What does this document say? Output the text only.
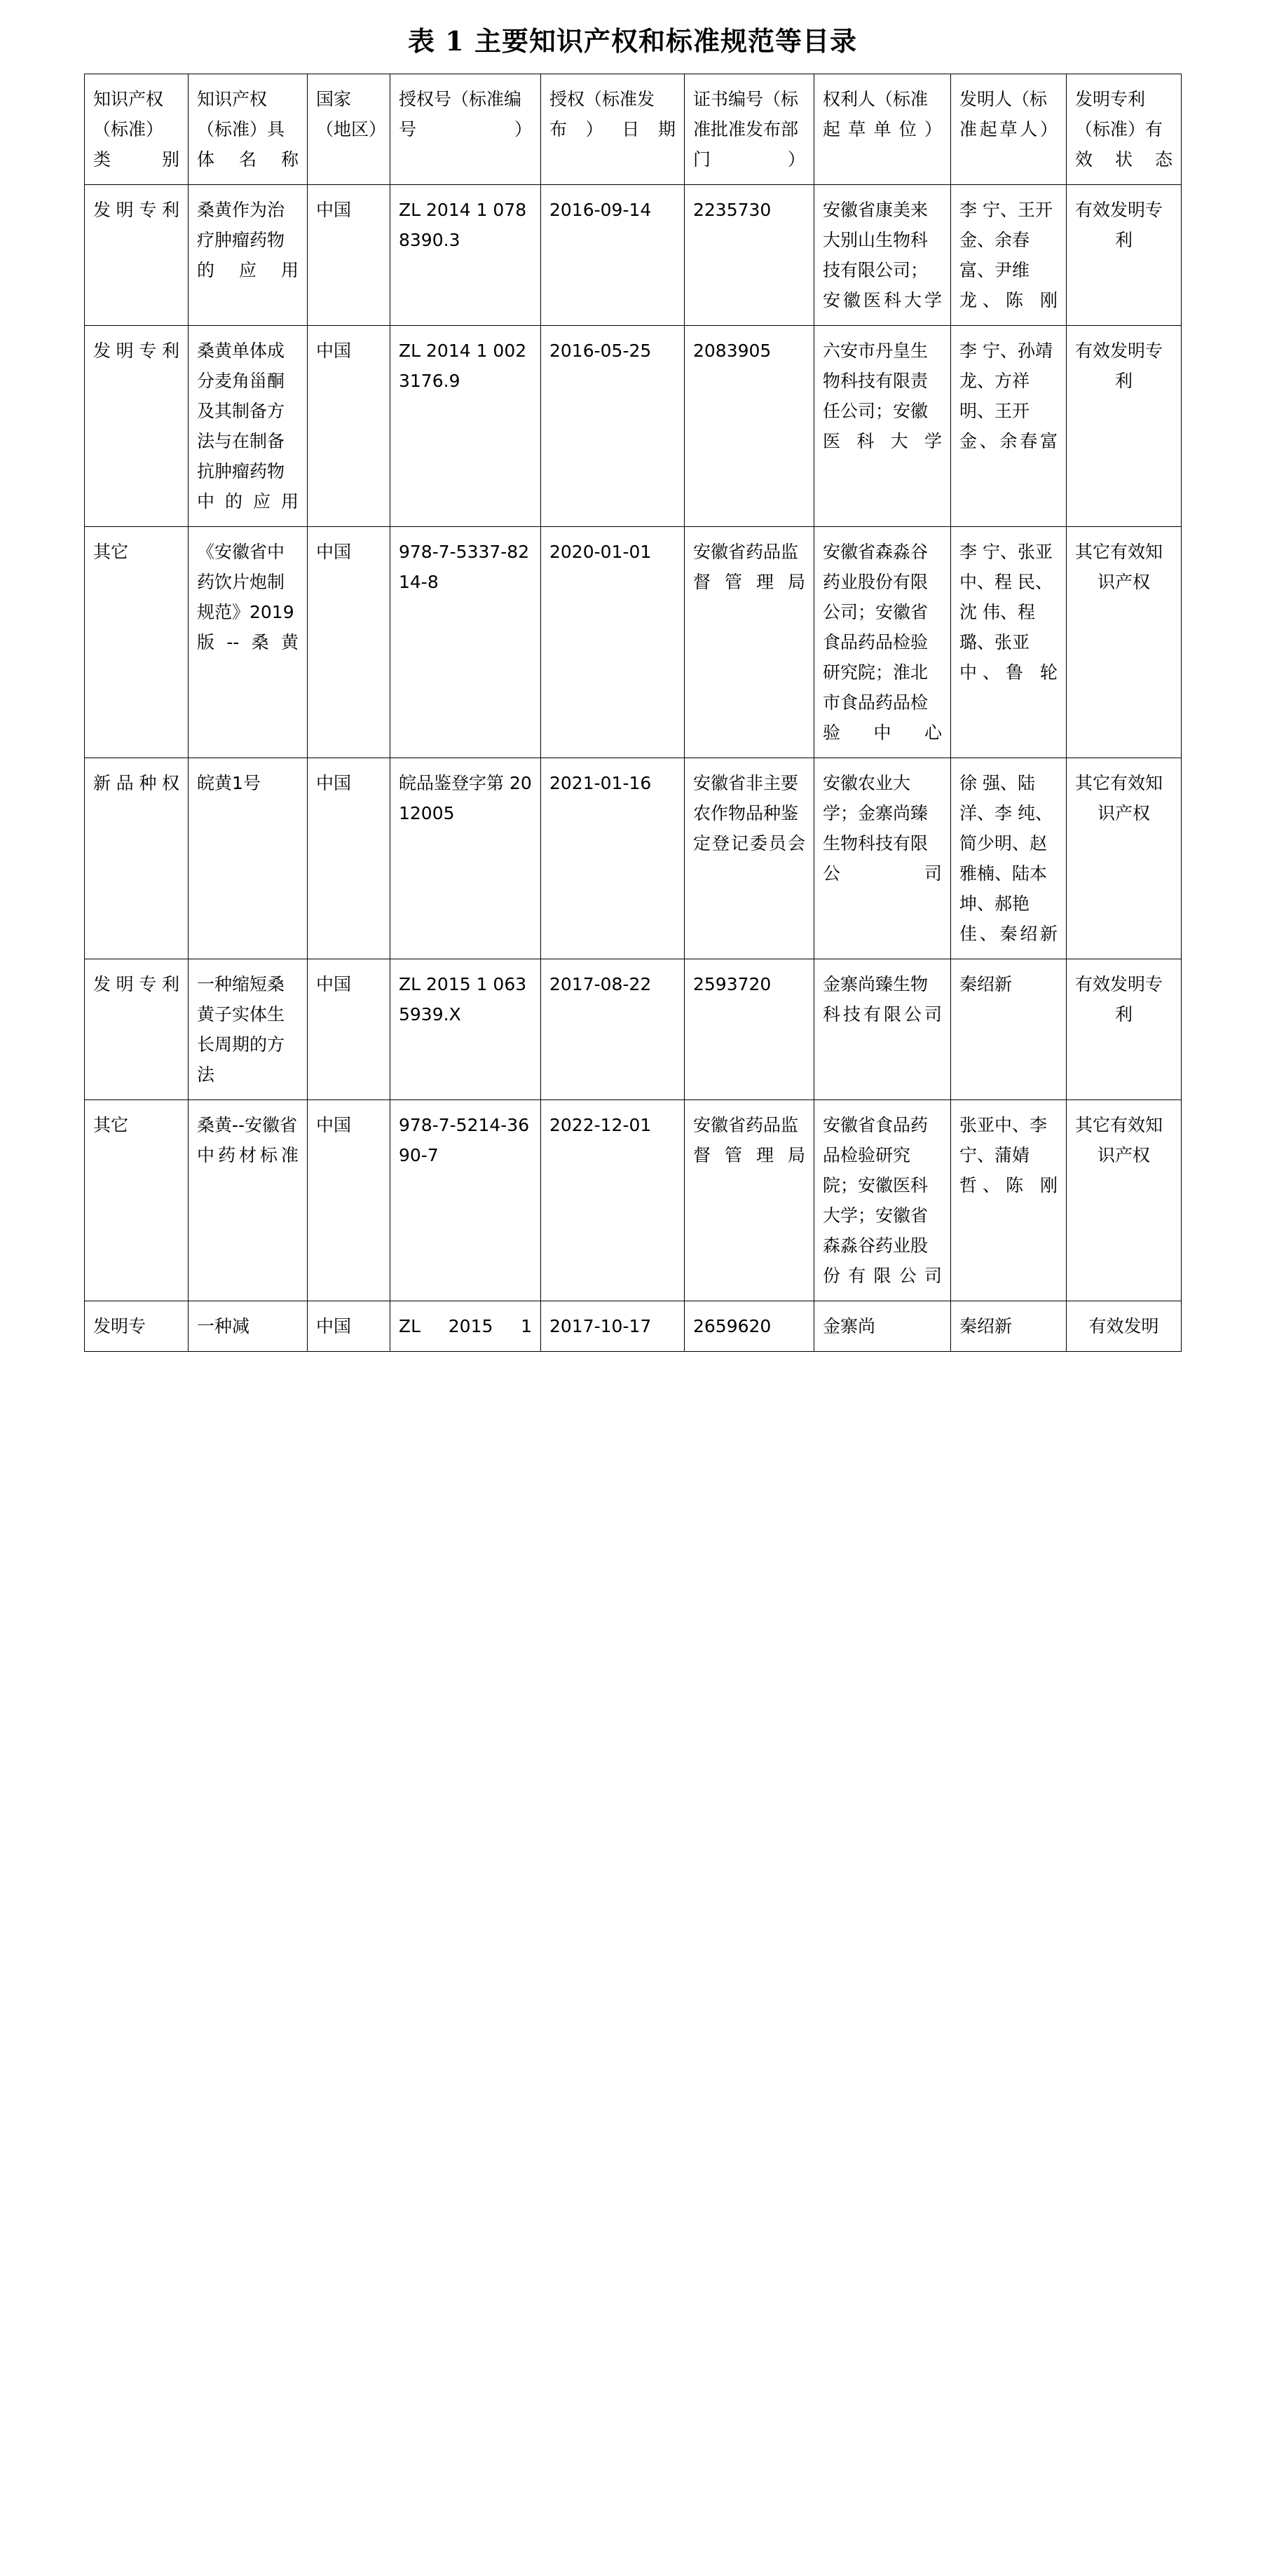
表 1 主要知识产权和标准规范等目录
知识产权（标准）类别	知识产权（标准）具体名称	国家（地区）	授权号（标准编号）	授权（标准发布）日期	证书编号（标准批准发布部门）	权利人（标准起草单位）	发明人（标准起草人）	发明专利（标准）有效状态
发明专利	桑黄作为治疗肿瘤药物的应用	中国	ZL 2014 1 0788390.3	2016-09-14	2235730	安徽省康美来大别山生物科技有限公司；安徽医科大学	李 宁、王开金、余春富、尹维龙、陈 刚	有效发明专利
发明专利	桑黄单体成分麦角甾酮及其制备方法与在制备抗肿瘤药物中的应用	中国	ZL 2014 1 0023176.9	2016-05-25	2083905	六安市丹皇生物科技有限责任公司；安徽医科大学	李 宁、孙靖龙、方祥明、王开金、余春富	有效发明专利
其它	《安徽省中药饮片炮制规范》2019 版--桑黄	中国	978-7-5337-8214-8	2020-01-01	安徽省药品监督管理局	安徽省森淼谷药业股份有限公司；安徽省食品药品检验研究院；淮北市食品药品检验中心	李 宁、张亚中、程 民、沈 伟、程 璐、张亚中、鲁 轮	其它有效知识产权
新品种权	皖黄1号	中国	皖品鉴登字第 2012005	2021-01-16	安徽省非主要农作物品种鉴定登记委员会	安徽农业大学；金寨尚臻生物科技有限公司	徐 强、陆 洋、李 纯、简少明、赵雅楠、陆本坤、郝艳佳、秦绍新	其它有效知识产权
发明专利	一种缩短桑黄子实体生长周期的方法	中国	ZL 2015 1 0635939.X	2017-08-22	2593720	金寨尚臻生物科技有限公司	秦绍新	有效发明专利
其它	桑黄--安徽省中药材标准	中国	978-7-5214-3690-7	2022-12-01	安徽省药品监督管理局	安徽省食品药品检验研究院；安徽医科大学；安徽省森淼谷药业股份有限公司	张亚中、李 宁、蒲婧哲、陈 刚	其它有效知识产权
发明专	一种减	中国	ZL 2015 1	2017-10-17	2659620	金寨尚	秦绍新	有效发明
